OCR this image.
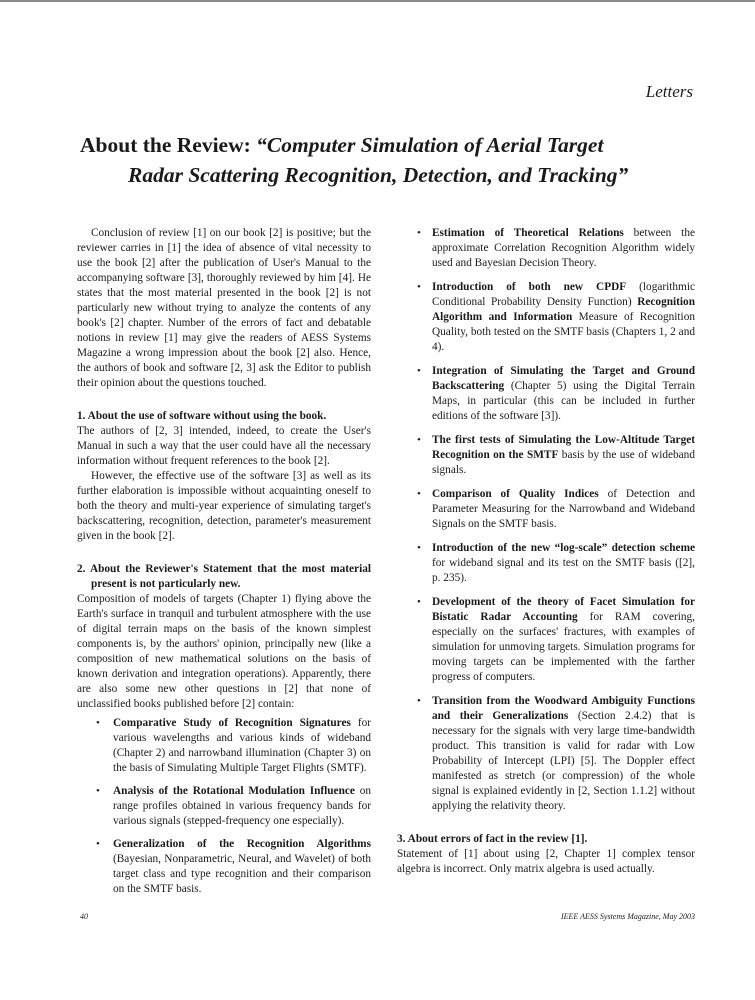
Letters
About the Review: “Computer Simulation of Aerial Target
Radar Scattering Recognition, Detection, and Tracking”

Conclusion of review [1] on our book [2] is positive; but the reviewer carries in [1] the idea of absence of vital necessity to use the book [2] after the publication of User's Manual to the accompanying software [3], thoroughly reviewed by him [4]. He states that the most material presented in the book [2] is not particularly new without trying to analyze the contents of any book's [2] chapter. Number of the errors of fact and debatable notions in review [1] may give the readers of AESS Systems Magazine a wrong impression about the book [2] also. Hence, the authors of book and software [2, 3] ask the Editor to publish their opinion about the questions touched.

1. About the use of software without using the book.

The authors of [2, 3] intended, indeed, to create the User's Manual in such a way that the user could have all the necessary information without frequent references to the book [2].

However, the effective use of the software [3] as well as its further elaboration is impossible without acquainting oneself to both the theory and multi-year experience of simulating target's backscattering, recognition, detection, parameter's measurement given in the book [2].

2. About the Reviewer's Statement that the most material present is not particularly new.

Composition of models of targets (Chapter 1) flying above the Earth's surface in tranquil and turbulent atmosphere with the use of digital terrain maps on the basis of the known simplest components is, by the authors' opinion, principally new (like a composition of new mathematical solutions on the basis of known derivation and integration operations). Apparently, there are also some new other questions in [2] that none of unclassified books published before [2] contain:

• Comparative Study of Recognition Signatures for various wavelengths and various kinds of wideband (Chapter 2) and narrowband illumination (Chapter 3) on the basis of Simulating Multiple Target Flights (SMTF).
• Analysis of the Rotational Modulation Influence on range profiles obtained in various frequency bands for various signals (stepped-frequency one especially).
• Generalization of the Recognition Algorithms (Bayesian, Nonparametric, Neural, and Wavelet) of both target class and type recognition and their comparison on the SMTF basis.
• Estimation of Theoretical Relations between the approximate Correlation Recognition Algorithm widely used and Bayesian Decision Theory.
• Introduction of both new CPDF (logarithmic Conditional Probability Density Function) Recognition Algorithm and Information Measure of Recognition Quality, both tested on the SMTF basis (Chapters 1, 2 and 4).
• Integration of Simulating the Target and Ground Backscattering (Chapter 5) using the Digital Terrain Maps, in particular (this can be included in further editions of the software [3]).
• The first tests of Simulating the Low-Altitude Target Recognition on the SMTF basis by the use of wideband signals.
• Comparison of Quality Indices of Detection and Parameter Measuring for the Narrowband and Wideband Signals on the SMTF basis.
• Introduction of the new “log-scale” detection scheme for wideband signal and its test on the SMTF basis ([2], p. 235).
• Development of the theory of Facet Simulation for Bistatic Radar Accounting for RAM covering, especially on the surfaces' fractures, with examples of simulation for unmoving targets. Simulation programs for moving targets can be implemented with the farther progress of computers.
• Transition from the Woodward Ambiguity Functions and their Generalizations (Section 2.4.2) that is necessary for the signals with very large time-bandwidth product. This transition is valid for radar with Low Probability of Intercept (LPI) [5]. The Doppler effect manifested as stretch (or compression) of the whole signal is explained evidently in [2, Section 1.1.2] without applying the relativity theory.
3. About errors of fact in the review [1].

Statement of [1] about using [2, Chapter 1] complex tensor algebra is incorrect. Only matrix algebra is used actually.

40	IEEE AESS Systems Magazine, May 2003
